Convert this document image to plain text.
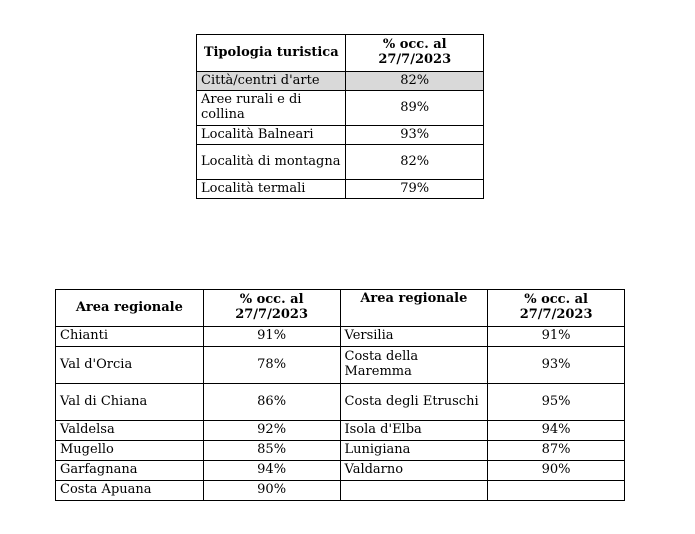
Tipologia turistica	% occ. al 27/7/2023
Città/centri d'arte	82%
Aree rurali e di collina	89%
Località Balneari	93%
Località di montagna	82%
Località termali	79%
Area regionale	% occ. al 27/7/2023	Area regionale	% occ. al 27/7/2023
Chianti	91%	Versilia	91%
Val d'Orcia	78%	Costa della Maremma	93%
Val di Chiana	86%	Costa degli Etruschi	95%
Valdelsa	92%	Isola d'Elba	94%
Mugello	85%	Lunigiana	87%
Garfagnana	94%	Valdarno	90%
Costa Apuana	90%		
